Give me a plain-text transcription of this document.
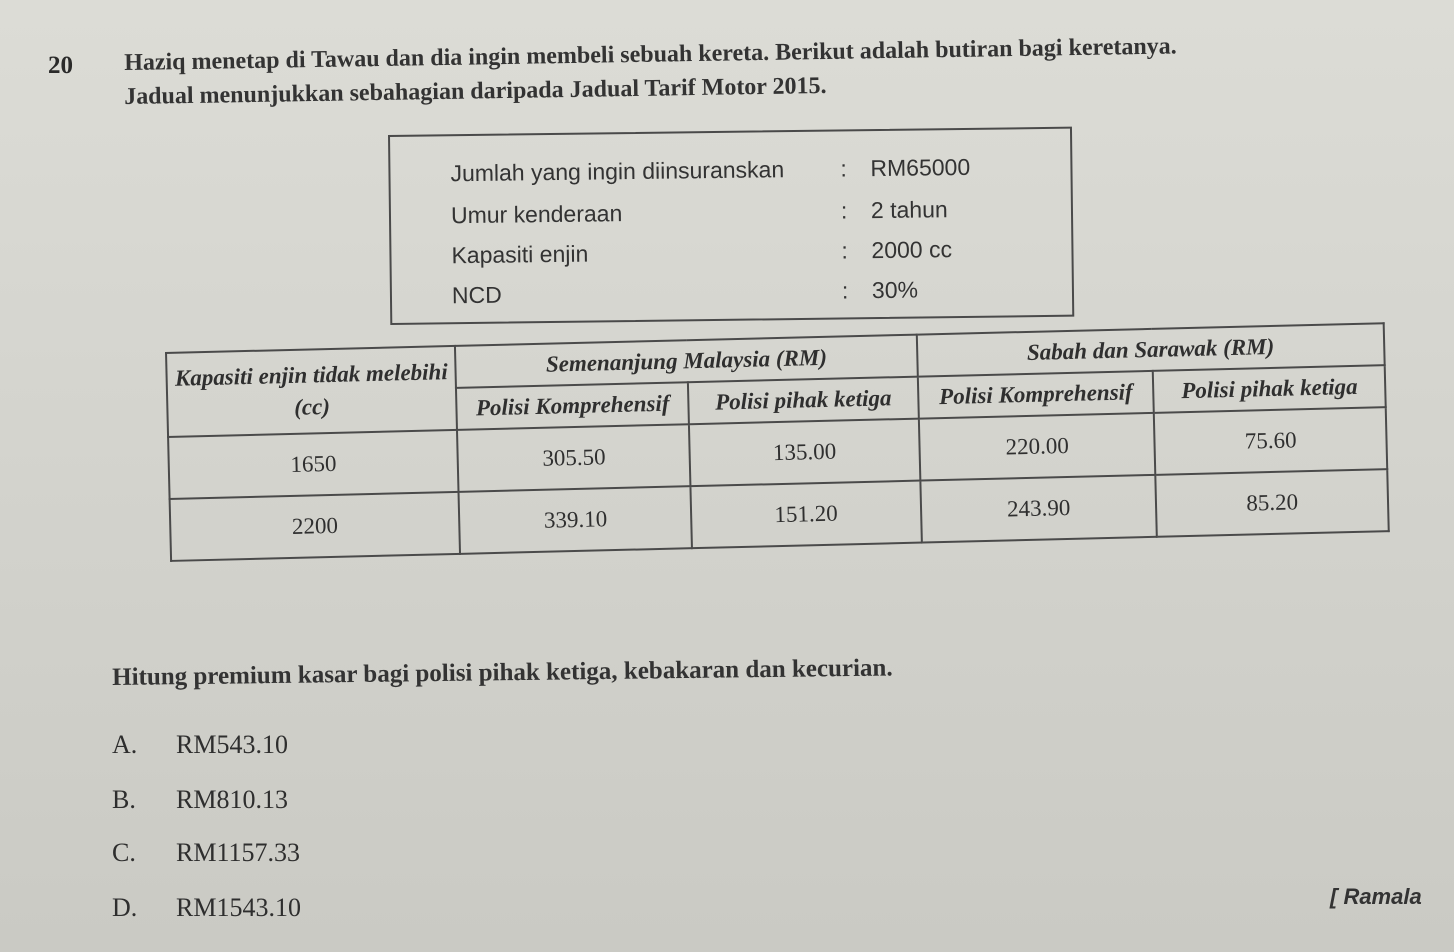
20 Haziq menetap di Tawau dan dia ingin membeli sebuah kereta. Berikut adalah butiran bagi keretanya.
Jadual menunjukkan sebahagian daripada Jadual Tarif Motor 2015.
Jumlah yang ingin diinsuranskan : RM65000
Umur kenderaan	: 2 tahun
Kapasiti enjin	: 2000 cc
NCD	: 30%
Kapasiti enjin tidak melebihi (cc)	Semenanjung Malaysia (RM)		Sabah dan Sarawak (RM)	
	Polisi Komprehensif	Polisi pihak ketiga	Polisi Komprehensif	Polisi pihak ketiga
1650	305.50	135.00	220.00	75.60
2200	339.10	151.20	243.90	85.20
Hitung premium kasar bagi polisi pihak ketiga, kebakaran dan kecurian.
A. RM543.10
B. RM810.13
C. RM1157.33
D. RM1543.10	[ Ramala
